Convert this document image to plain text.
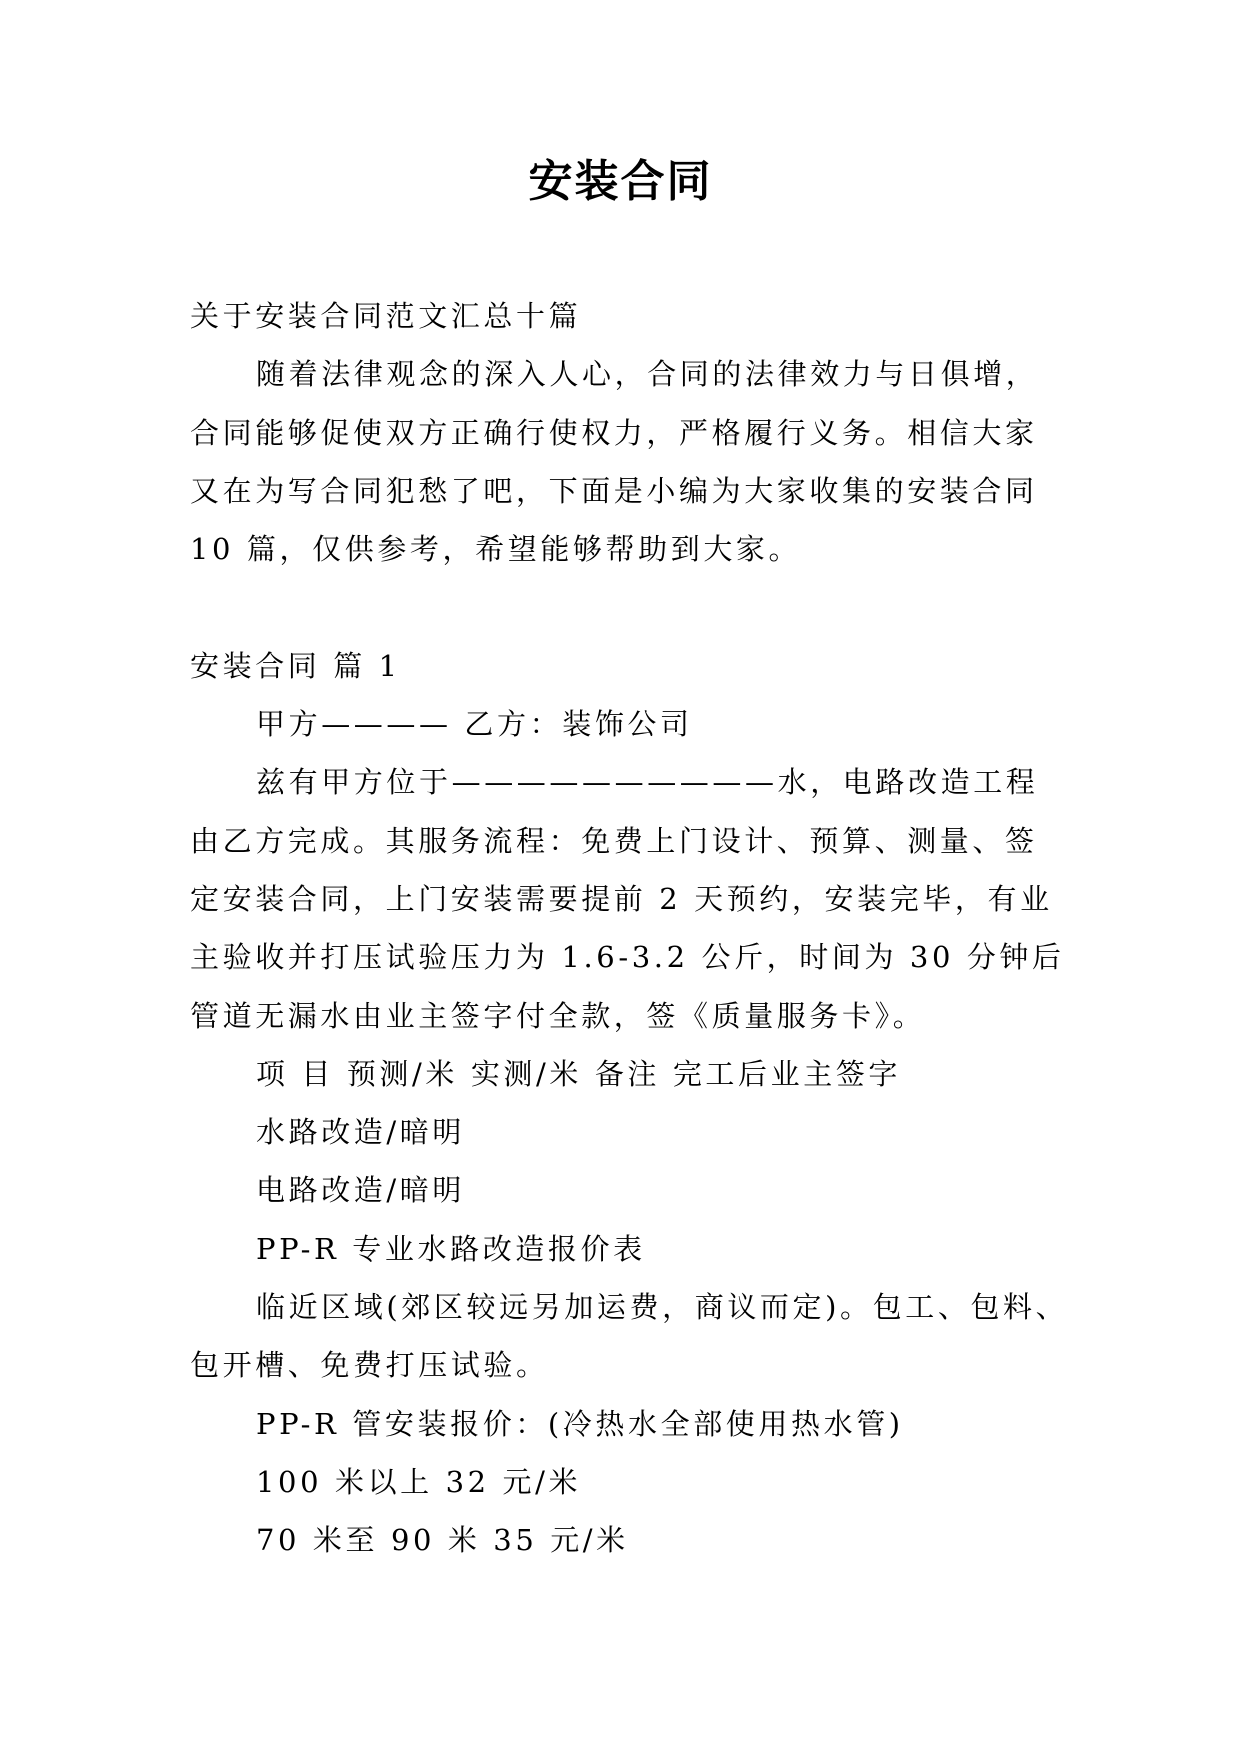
安装合同

关于安装合同范文汇总十篇

随着法律观念的深入人心，合同的法律效力与日俱增，

合同能够促使双方正确行使权力，严格履行义务。相信大家

又在为写合同犯愁了吧，下面是小编为大家收集的安装合同

10 篇，仅供参考，希望能够帮助到大家。

安装合同 篇 1

甲方———— 乙方：装饰公司

兹有甲方位于——————————水，电路改造工程

由乙方完成。其服务流程：免费上门设计、预算、测量、签

定安装合同，上门安装需要提前 2 天预约，安装完毕，有业

主验收并打压试验压力为 1.6-3.2 公斤，时间为 30 分钟后

管道无漏水由业主签字付全款，签《质量服务卡》。

项 目 预测/米 实测/米 备注 完工后业主签字

水路改造/暗明

电路改造/暗明

PP-R 专业水路改造报价表

临近区域(郊区较远另加运费，商议而定)。包工、包料、

包开槽、免费打压试验。

PP-R 管安装报价：(冷热水全部使用热水管)

100 米以上 32 元/米

70 米至 90 米 35 元/米
